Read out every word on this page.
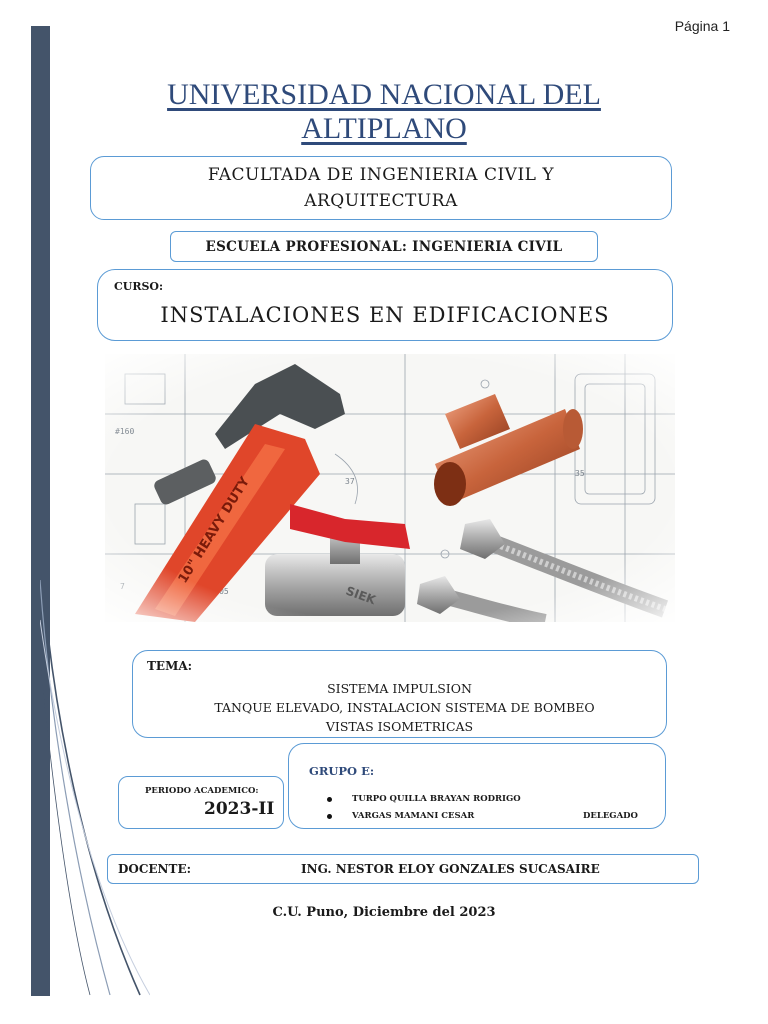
Página 1
UNIVERSIDAD NACIONAL DEL
ALTIPLANO
FACULTADA DE INGENIERIA CIVIL Y
ARQUITECTURA
ESCUELA PROFESIONAL: INGENIERIA CIVIL
CURSO:
INSTALACIONES EN EDIFICACIONES
TEMA:
SISTEMA IMPULSION
TANQUE ELEVADO, INSTALACION SISTEMA DE BOMBEO
VISTAS ISOMETRICAS
GRUPO E:
TURPO QUILLA BRAYAN RODRIGO
VARGAS MAMANI CESAR	DELEGADO
PERIODO ACADEMICO:
2023-II
DOCENTE:	ING. NESTOR ELOY GONZALES SUCASAIRE
C.U. Puno, Diciembre del 2023
